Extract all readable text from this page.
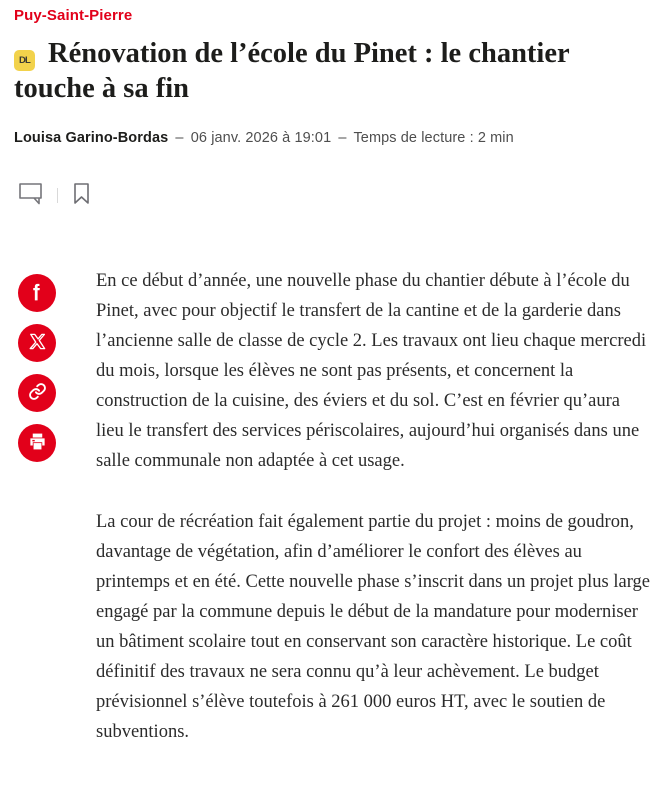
Puy-Saint-Pierre
DL Rénovation de l’école du Pinet : le chantier touche à sa fin
Louisa Garino-Bordas – 06 janv. 2026 à 19:01 – Temps de lecture : 2 min

En ce début d’année, une nouvelle phase du chantier débute à l’école du Pinet, avec pour objectif le transfert de la cantine et de la garderie dans l’ancienne salle de classe de cycle 2. Les travaux ont lieu chaque mercredi du mois, lorsque les élèves ne sont pas présents, et concernent la construction de la cuisine, des éviers et du sol. C’est en février qu’aura lieu le transfert des services périscolaires, aujourd’hui organisés dans une salle communale non adaptée à cet usage.

La cour de récréation fait également partie du projet : moins de goudron, davantage de végétation, afin d’améliorer le confort des élèves au printemps et en été. Cette nouvelle phase s’inscrit dans un projet plus large engagé par la commune depuis le début de la mandature pour moderniser un bâtiment scolaire tout en conservant son caractère historique. Le coût définitif des travaux ne sera connu qu’à leur achèvement. Le budget prévisionnel s’élève toutefois à 261 000 euros HT, avec le soutien de subventions.
